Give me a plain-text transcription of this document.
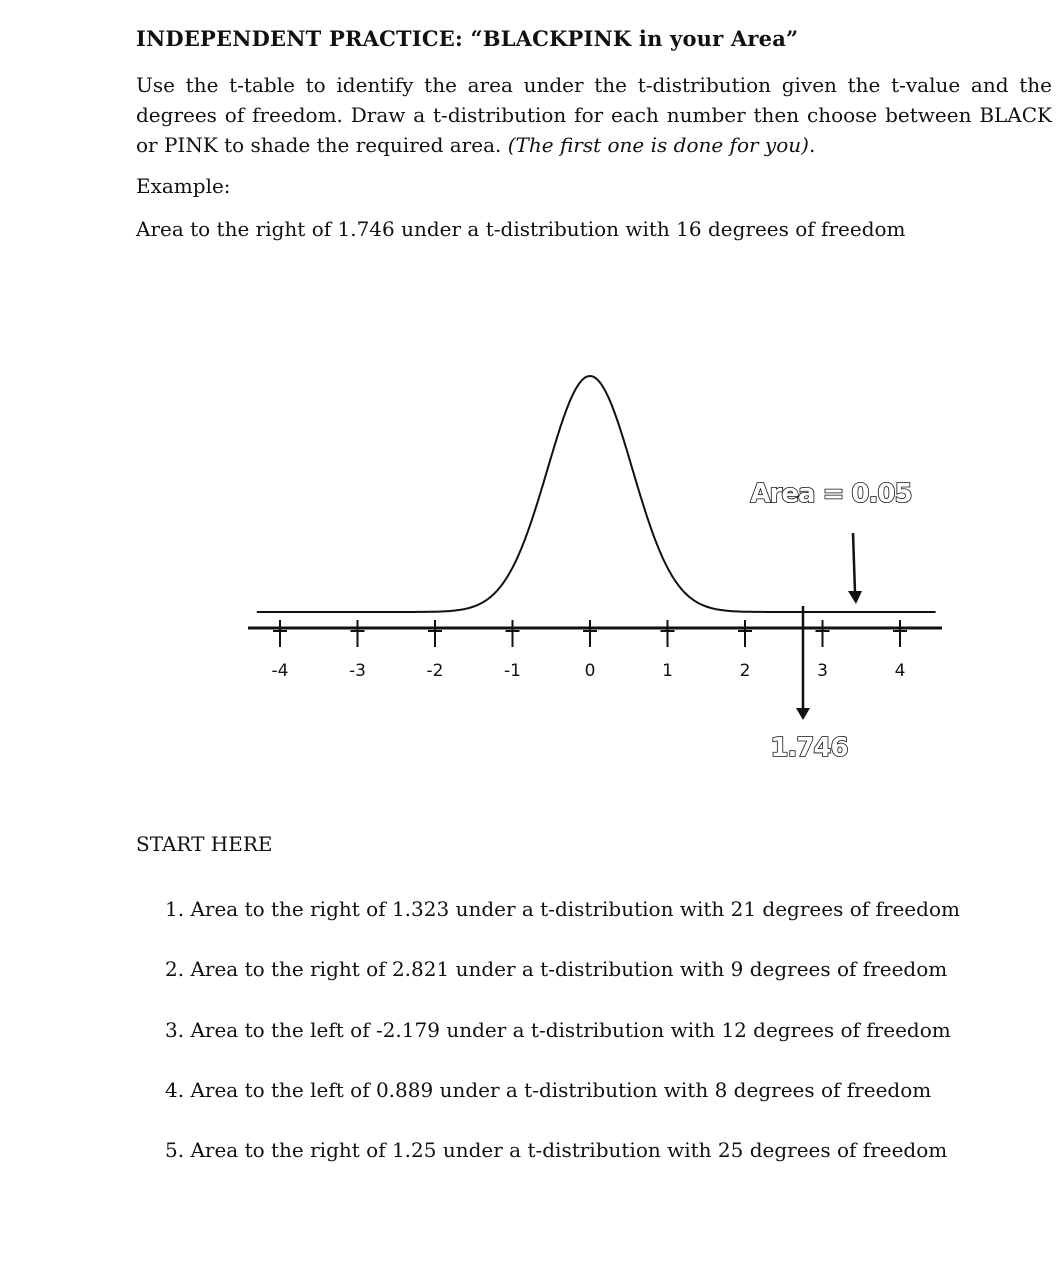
INDEPENDENT PRACTICE: “BLACKPINK in your Area”

Use the t-table to identify the area under the t-distribution given the t-value and the degrees of freedom. Draw a t-distribution for each number then choose between BLACK or PINK to shade the required area. (The first one is done for you).

Example:

Area to the right of 1.746 under a t-distribution with 16 degrees of freedom

-4	-3	-2	-1	0	1	2	3	4
Area = 0.05
1.746

START HERE

1. Area to the right of 1.323 under a t-distribution with 21 degrees of freedom
2. Area to the right of 2.821 under a t-distribution with 9 degrees of freedom
3. Area to the left of -2.179 under a t-distribution with 12 degrees of freedom
4. Area to the left of 0.889 under a t-distribution with 8 degrees of freedom
5. Area to the right of 1.25 under a t-distribution with 25 degrees of freedom
